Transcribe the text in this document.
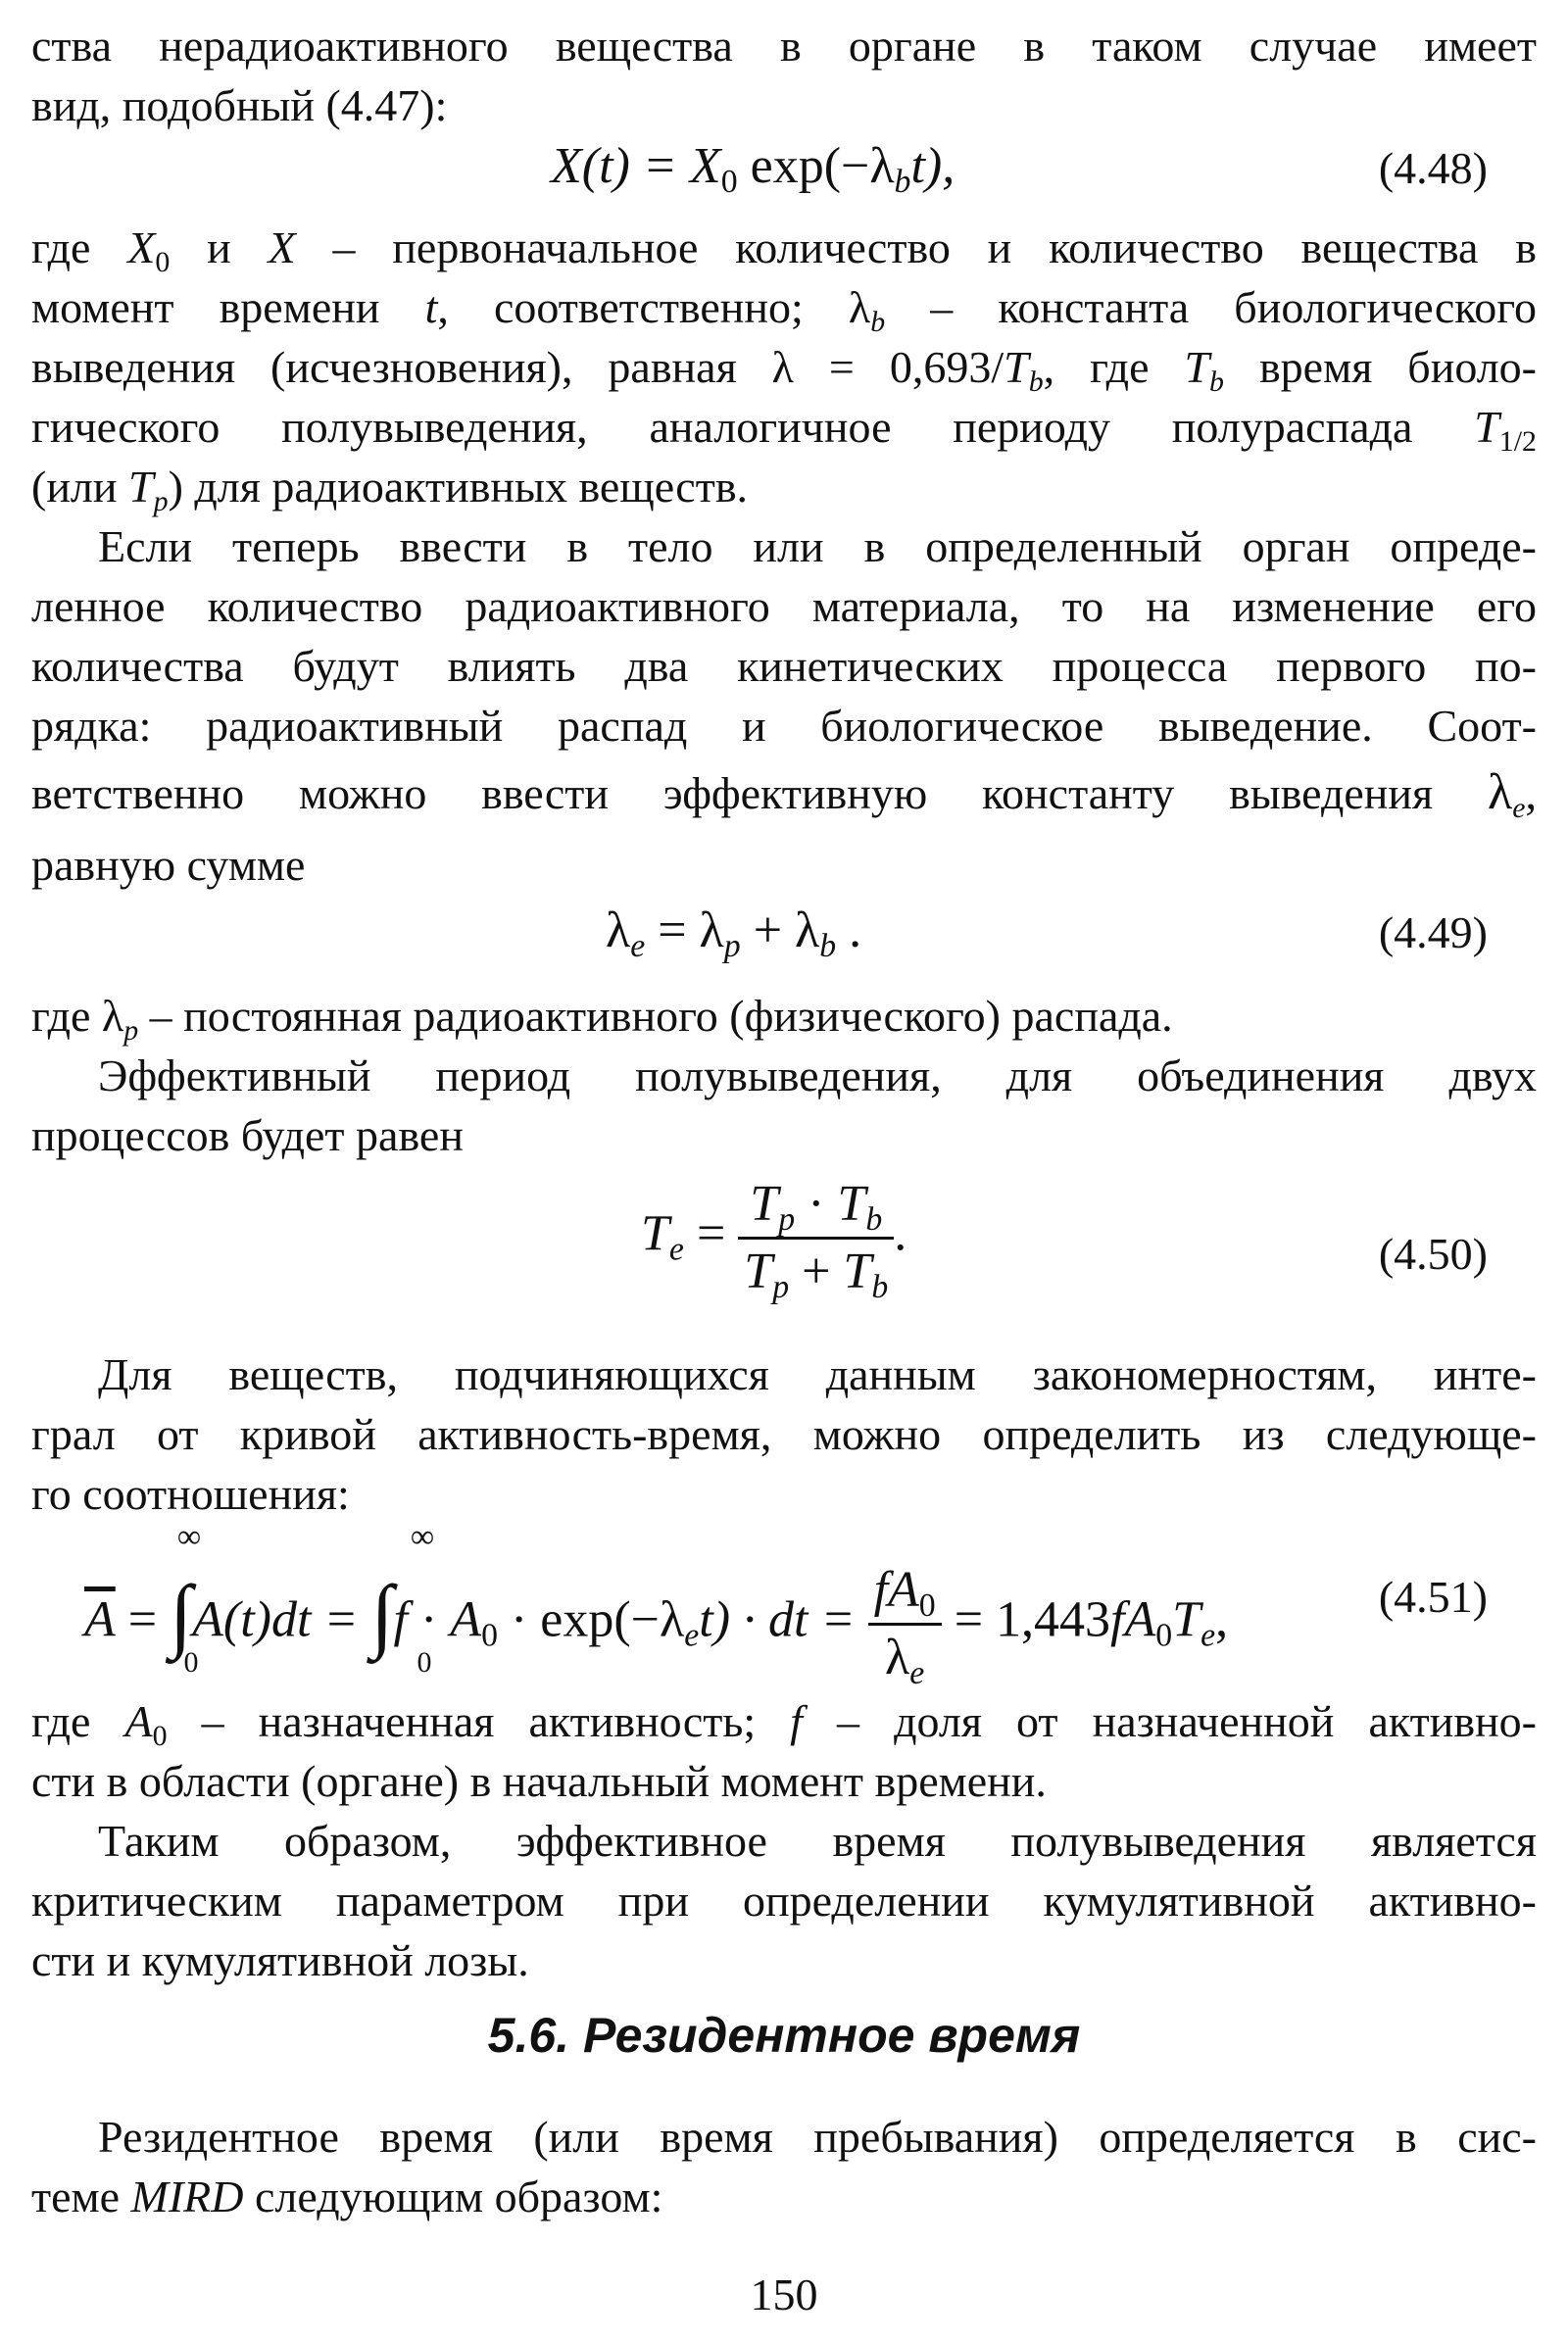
ства нерадиоактивного вещества в органе в таком случае имеет
вид, подобный (4.47):
$X(t) = X_0$ $\exp(-\lambda_bt)$,	(4.48)
где $X_0$ и X – первоначальное количество и количество вещества в
момент времени t, соответственно; $\lambda_b$ – константа биологического
выведения (исчезновения), равная $\lambda = 0,693/T_b$, где $T_b$ время биоло-
гического полувыведения, аналогичное периоду полураспада $T_{1/2}$
(или $T_p$) для радиоактивных веществ.
Если теперь ввести в тело или в определенный орган опреде-
ленное количество радиоактивного материала, то на изменение его
количества будут влиять два кинетических процесса первого по-
рядка: радиоактивный распад и биологическое выведение. Соот-
ветственно можно ввести эффективную константу выведения $\lambda_e$,
равную сумме
$\lambda_e = \lambda_p + \lambda_b$ .	(4.49)
где $\lambda_p$ – постоянная радиоактивного (физического) распада.
Эффективный период полувыведения, для объединения двух
процессов будет равен
$T_e = \frac{T_p \cdot T_b}{T_p + T_b}$ .	(4.50)
Для веществ, подчиняющихся данным закономерностям, инте-
грал от кривой активность-время, можно определить из следующе-
го соотношения:
∞
0
∞
0
$\overline{A} = \int A(t)dt = \int f \cdot A_0 \cdot \exp(-\lambda_et)$ · dt = $\frac{fA_0}{\lambda_e} = 1,443fA_0T_e$,	(4.51)
где $A_0$ – назначенная активность; f – доля от назначенной активно-
сти в области (органе) в начальный момент времени.
Таким образом, эффективное время полувыведения является
критическим параметром при определении кумулятивной активно-
сти и кумулятивной лозы.
5.6. Резидентное время
Резидентное время (или время пребывания) определяется в сис-
теме MIRD следующим образом:
150
